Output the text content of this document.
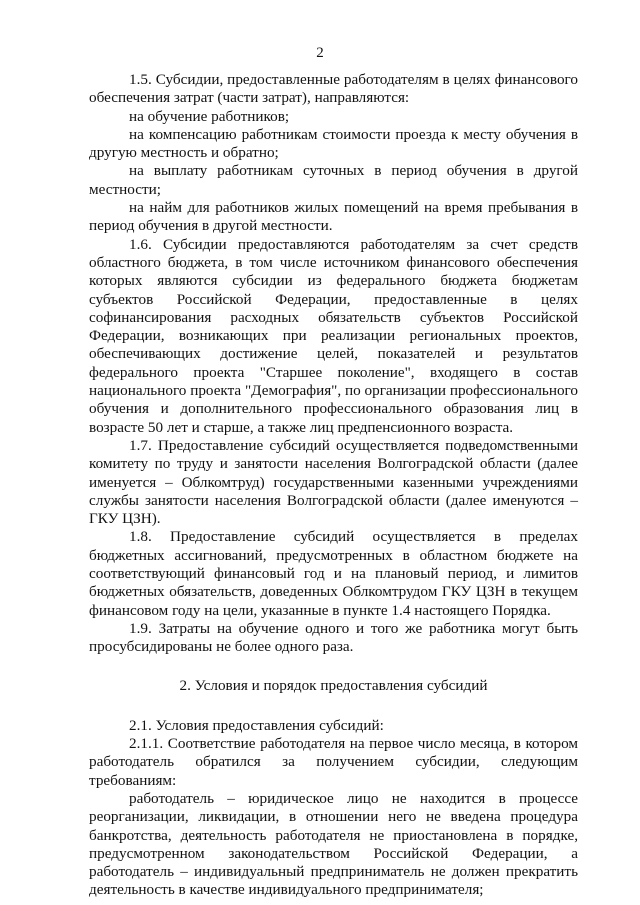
2

1.5. Субсидии, предоставленные работодателям в целях финансового обеспечения затрат (части затрат), направляются:

на обучение работников;

на компенсацию работникам стоимости проезда к месту обучения в другую местность и обратно;

на выплату работникам суточных в период обучения в другой местности;

на найм для работников жилых помещений на время пребывания в период обучения в другой местности.

1.6. Субсидии предоставляются работодателям за счет средств областного бюджета, в том числе источником финансового обеспечения которых являются субсидии из федерального бюджета бюджетам субъектов Российской Федерации, предоставленные в целях софинансирования расходных обязательств субъектов Российской Федерации, возникающих при реализации региональных проектов, обеспечивающих достижение целей, показателей и результатов федерального проекта "Старшее поколение", входящего в состав национального проекта "Демография", по организации профессионального обучения и дополнительного профессионального образования лиц в возрасте 50 лет и старше, а также лиц предпенсионного возраста.

1.7. Предоставление субсидий осуществляется подведомственными комитету по труду и занятости населения Волгоградской области (далее именуется – Облкомтруд) государственными казенными учреждениями службы занятости населения Волгоградской области (далее именуются – ГКУ ЦЗН).

1.8. Предоставление субсидий осуществляется в пределах бюджетных ассигнований, предусмотренных в областном бюджете на соответствующий финансовый год и на плановый период, и лимитов бюджетных обязательств, доведенных Облкомтрудом ГКУ ЦЗН в текущем финансовом году на цели, указанные в пункте 1.4 настоящего Порядка.

1.9. Затраты на обучение одного и того же работника могут быть просубсидированы не более одного раза.

2. Условия и порядок предоставления субсидий

2.1. Условия предоставления субсидий:

2.1.1. Соответствие работодателя на первое число месяца, в котором работодатель обратился за получением субсидии, следующим требованиям:

работодатель – юридическое лицо не находится в процессе реорганизации, ликвидации, в отношении него не введена процедура банкротства, деятельность работодателя не приостановлена в порядке, предусмотренном законодательством Российской Федерации, а работодатель – индивидуальный предприниматель не должен прекратить деятельность в качестве индивидуального предпринимателя;
